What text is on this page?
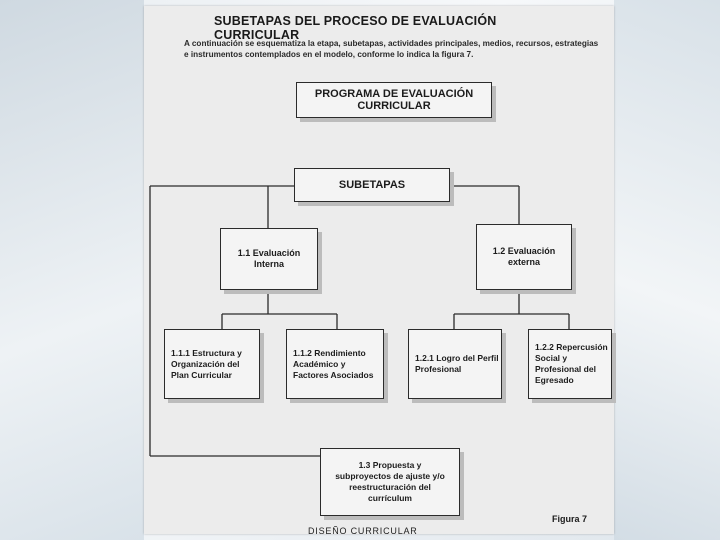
SUBETAPAS DEL PROCESO DE EVALUACIÓN CURRICULAR
A continuación se esquematiza la etapa, subetapas, actividades principales, medios, recursos, estrategias e instrumentos contemplados en el modelo, conforme lo indica la figura 7.
PROGRAMA DE EVALUACIÓN CURRICULAR
SUBETAPAS
1.1 Evaluación Interna
1.2 Evaluación externa
1.1.1 Estructura y Organización del Plan Curricular
1.1.2 Rendimiento Académico y Factores Asociados
1.2.1 Logro del Perfil Profesional
1.2.2 Repercusión Social y Profesional del Egresado
1.3 Propuesta y subproyectos de ajuste y/o reestructuración del currículum
Figura 7
DISEÑO CURRICULAR
